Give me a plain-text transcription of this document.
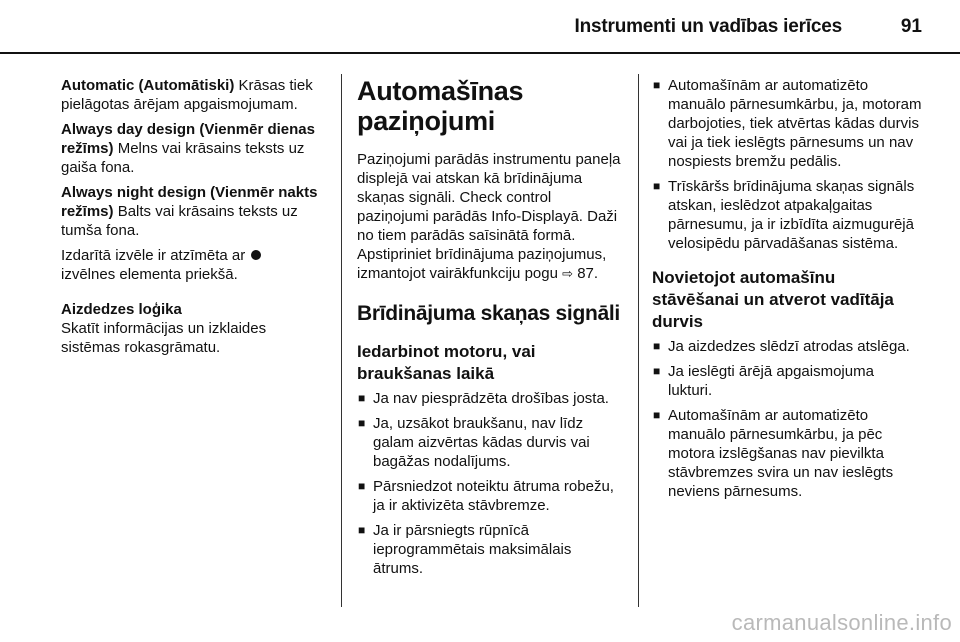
Instrumenti un vadības ierīces	91

Automatic (Automātiski) Krāsas tiek pielāgotas ārējam apgaismojumam.

Always day design (Vienmēr dienas režīms) Melns vai krāsains teksts uz gaiša fona.

Always night design (Vienmēr nakts režīms) Balts vai krāsains teksts uz tumša fona.

Izdarītā izvēle ir atzīmēta ar
izvēlnes elementa priekšā.

Aizdedzes loģika

Skatīt informācijas un izklaides sistēmas rokasgrāmatu.

Automašīnas paziņojumi

Paziņojumi parādās instrumentu paneļa displejā vai atskan kā brīdinājuma skaņas signāli. Check control paziņojumi parādās Info-Displayā. Daži no tiem parādās saīsinātā formā. Apstipriniet brīdinājuma paziņojumus, izmantojot vairākfunkciju pogu ⇨ 87.

Brīdinājuma skaņas signāli
Iedarbinot motoru, vai braukšanas laikā
■ Ja nav piesprādzēta drošības josta.
■ Ja, uzsākot braukšanu, nav līdz galam aizvērtas kādas durvis vai bagāžas nodalījums.
■ Pārsniedzot noteiktu ātruma robežu, ja ir aktivizēta stāvbremze.
■ Ja ir pārsniegts rūpnīcā ieprogrammētais maksimālais ātrums.
■ Automašīnām ar automatizēto manuālo pārnesumkārbu, ja, motoram darbojoties, tiek atvērtas kādas durvis vai ja tiek ieslēgts pārnesums un nav nospiests bremžu pedālis.
■ Trīskāršs brīdinājuma skaņas signāls atskan, ieslēdzot atpakaļgaitas pārnesumu, ja ir izbīdīta aizmugurējā velosipēdu pārvadāšanas sistēma.
Novietojot automašīnu stāvēšanai un atverot vadītāja durvis
■ Ja aizdedzes slēdzī atrodas atslēga.
■ Ja ieslēgti ārējā apgaismojuma lukturi.
■ Automašīnām ar automatizēto manuālo pārnesumkārbu, ja pēc motora izslēgšanas nav pievilkta stāvbremzes svira un nav ieslēgts neviens pārnesums.
carmanualsonline.info
